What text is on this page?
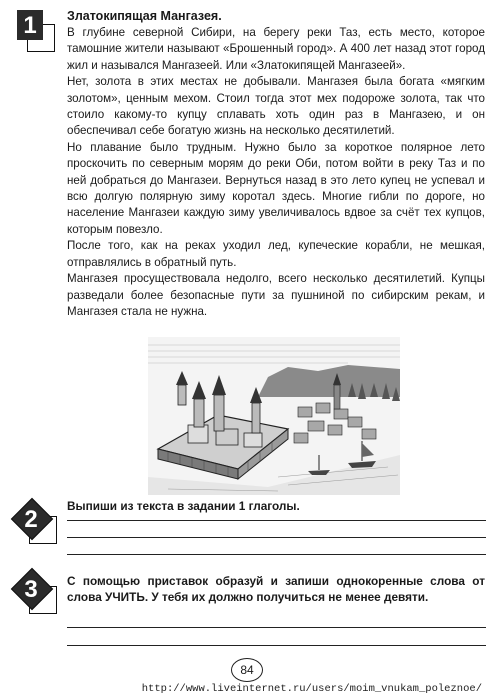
1	Златокипящая Мангазея.

В глубине северной Сибири, на берегу реки Таз, есть место, которое тамошние жители называют «Брошенный город». А 400 лет назад этот город жил и назывался Мангазеей. Или «Златокипящей Мангазеей».

Нет, золота в этих местах не добывали. Мангазея была богата «мягким золотом», ценным мехом. Стоил тогда этот мех подороже золота, так что стоило какому-то купцу сплавать хоть один раз в Мангазею, и он обеспечивал себе богатую жизнь на несколько десятилетий.

Но плавание было трудным. Нужно было за короткое полярное лето проскочить по северным морям до реки Оби, потом войти в реку Таз и по ней добраться до Мангазеи. Вернуться назад в это лето купец не успевал и всю долгую полярную зиму коротал здесь. Многие гибли по дороге, но население Мангазеи каждую зиму увеличивалось вдвое за счёт тех купцов, которым повезло.

После того, как на реках уходил лед, купеческие корабли, не мешкая, отправлялись в обратный путь.

Мангазея просуществовала недолго, всего несколько десятилетий. Купцы разведали более безопасные пути за пушниной по сибирским рекам, и Мангазея стала не нужна.

2	Выпиши из текста в задании 1 глаголы.
3	С помощью приставок образуй и запиши однокоренные слова от слова УЧИТЬ. У тебя их должно получиться не менее девяти.
84
http://www.liveinternet.ru/users/moim_vnukam_poleznoe/
